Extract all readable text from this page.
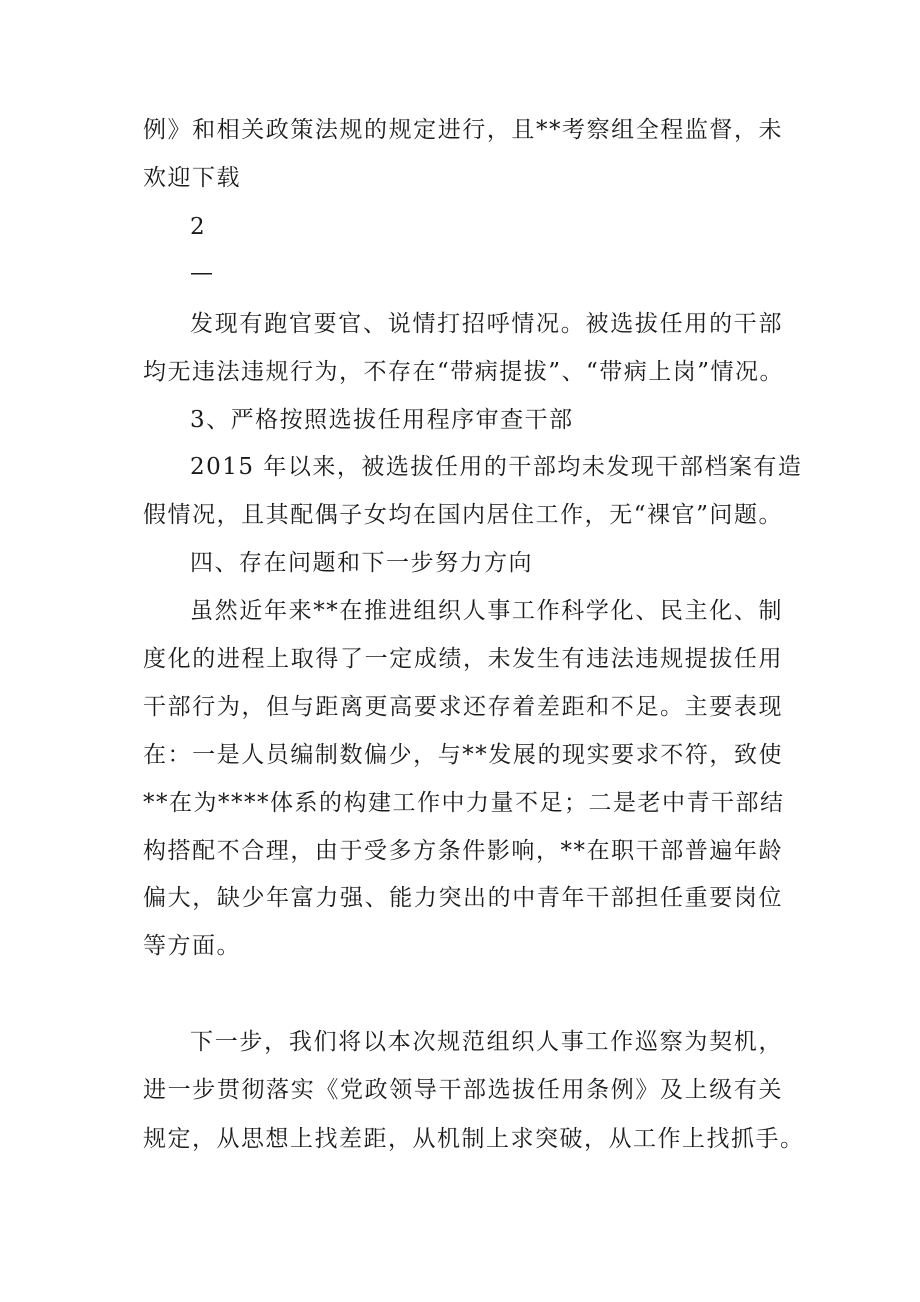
例》和相关政策法规的规定进行，且**考察组全程监督，未
欢迎下载
2
—
发现有跑官要官、说情打招呼情况。被选拔任用的干部
均无违法违规行为，不存在“带病提拔”、“带病上岗”情况。
3、严格按照选拔任用程序审查干部
2015 年以来，被选拔任用的干部均未发现干部档案有造
假情况，且其配偶子女均在国内居住工作，无“裸官”问题。
四、存在问题和下一步努力方向
虽然近年来**在推进组织人事工作科学化、民主化、制
度化的进程上取得了一定成绩，未发生有违法违规提拔任用
干部行为，但与距离更高要求还存着差距和不足。主要表现
在：一是人员编制数偏少，与**发展的现实要求不符，致使
**在为****体系的构建工作中力量不足；二是老中青干部结
构搭配不合理，由于受多方条件影响，**在职干部普遍年龄
偏大，缺少年富力强、能力突出的中青年干部担任重要岗位
等方面。
下一步，我们将以本次规范组织人事工作巡察为契机，
进一步贯彻落实《党政领导干部选拔任用条例》及上级有关
规定，从思想上找差距，从机制上求突破，从工作上找抓手。
